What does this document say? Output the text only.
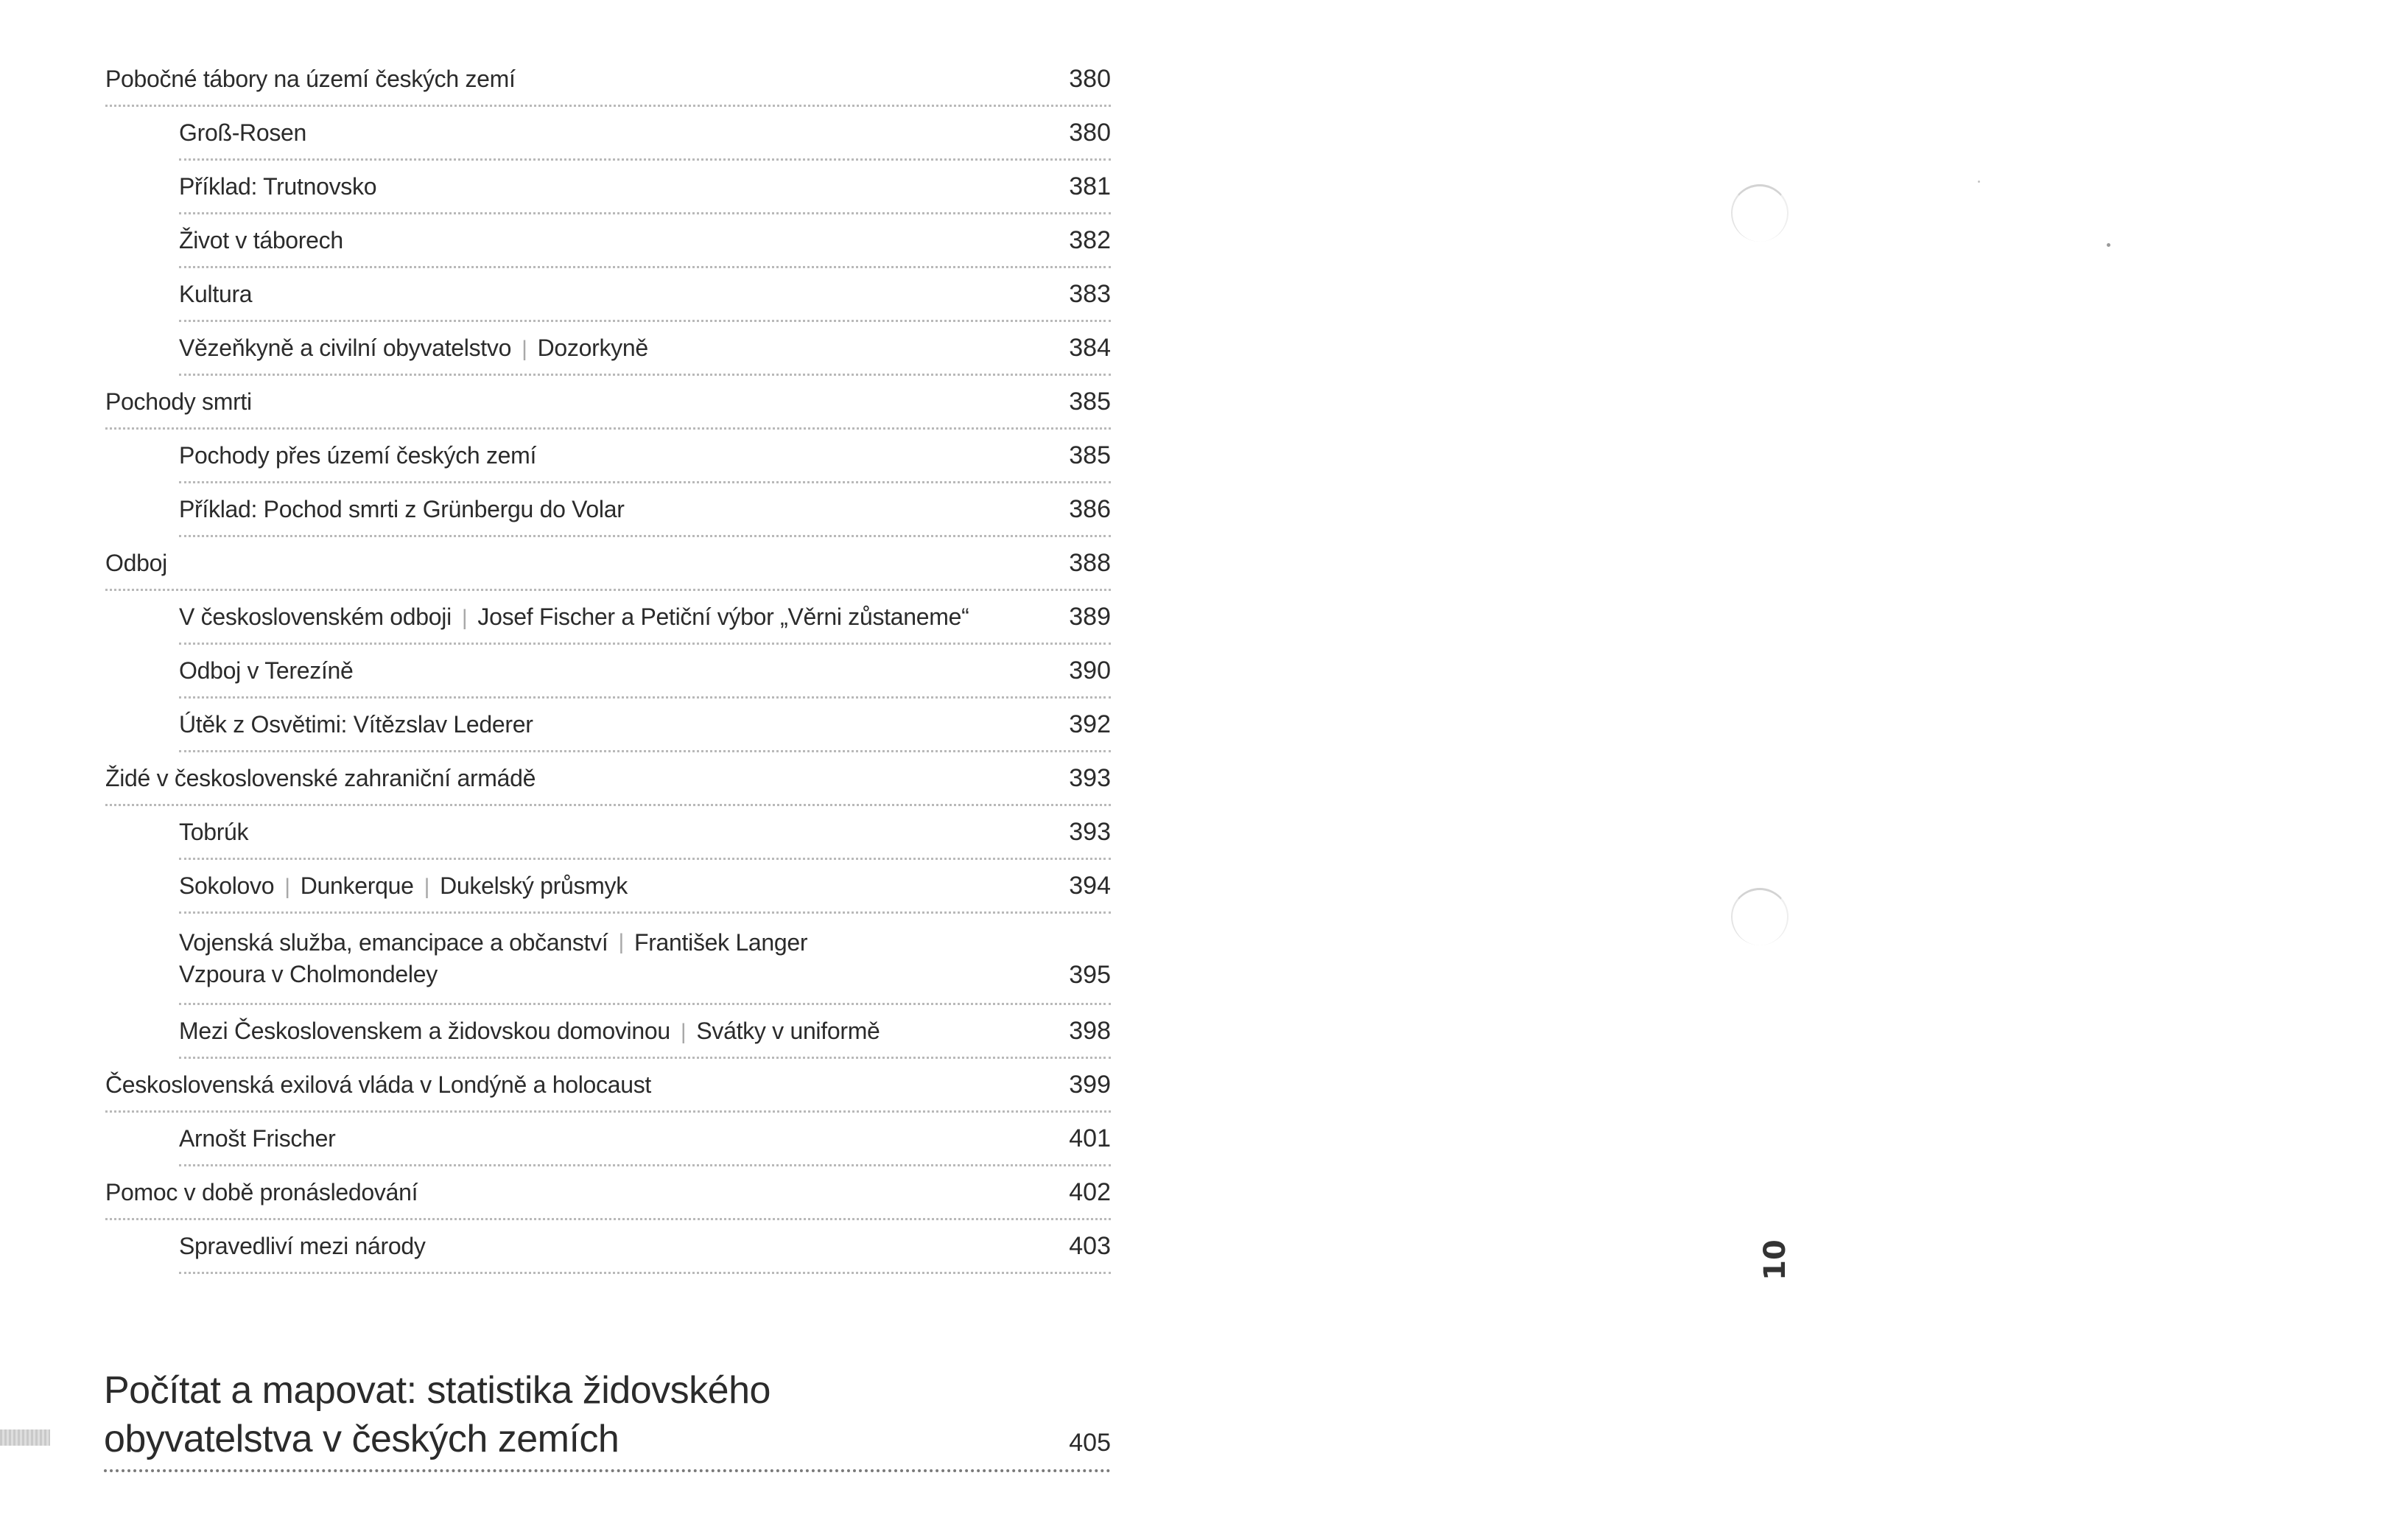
Pobočné tábory na území českých zemí	380
Groß-Rosen	380
Příklad: Trutnovsko	381
Život v táborech	382
Kultura	383
Vězeňkyně a civilní obyvatelstvo | Dozorkyně	384
Pochody smrti	385
Pochody přes území českých zemí	385
Příklad: Pochod smrti z Grünbergu do Volar	386
Odboj	388
V československém odboji | Josef Fischer a Petiční výbor „Věrni zůstaneme“	389
Odboj v Terezíně	390
Útěk z Osvětimi: Vítězslav Lederer	392
Židé v československé zahraniční armádě	393
Tobrúk	393
Sokolovo | Dunkerque | Dukelský průsmyk	394
Vojenská služba, emancipace a občanství | František Langer
Vzpoura v Cholmondeley	395
Mezi Československem a židovskou domovinou | Svátky v uniformě	398
Československá exilová vláda v Londýně a holocaust	399
Arnošt Frischer	401
Pomoc v době pronásledování	402
Spravedliví mezi národy	403
Počítat a mapovat: statistika židovského
obyvatelstva v českých zemích	405
10
